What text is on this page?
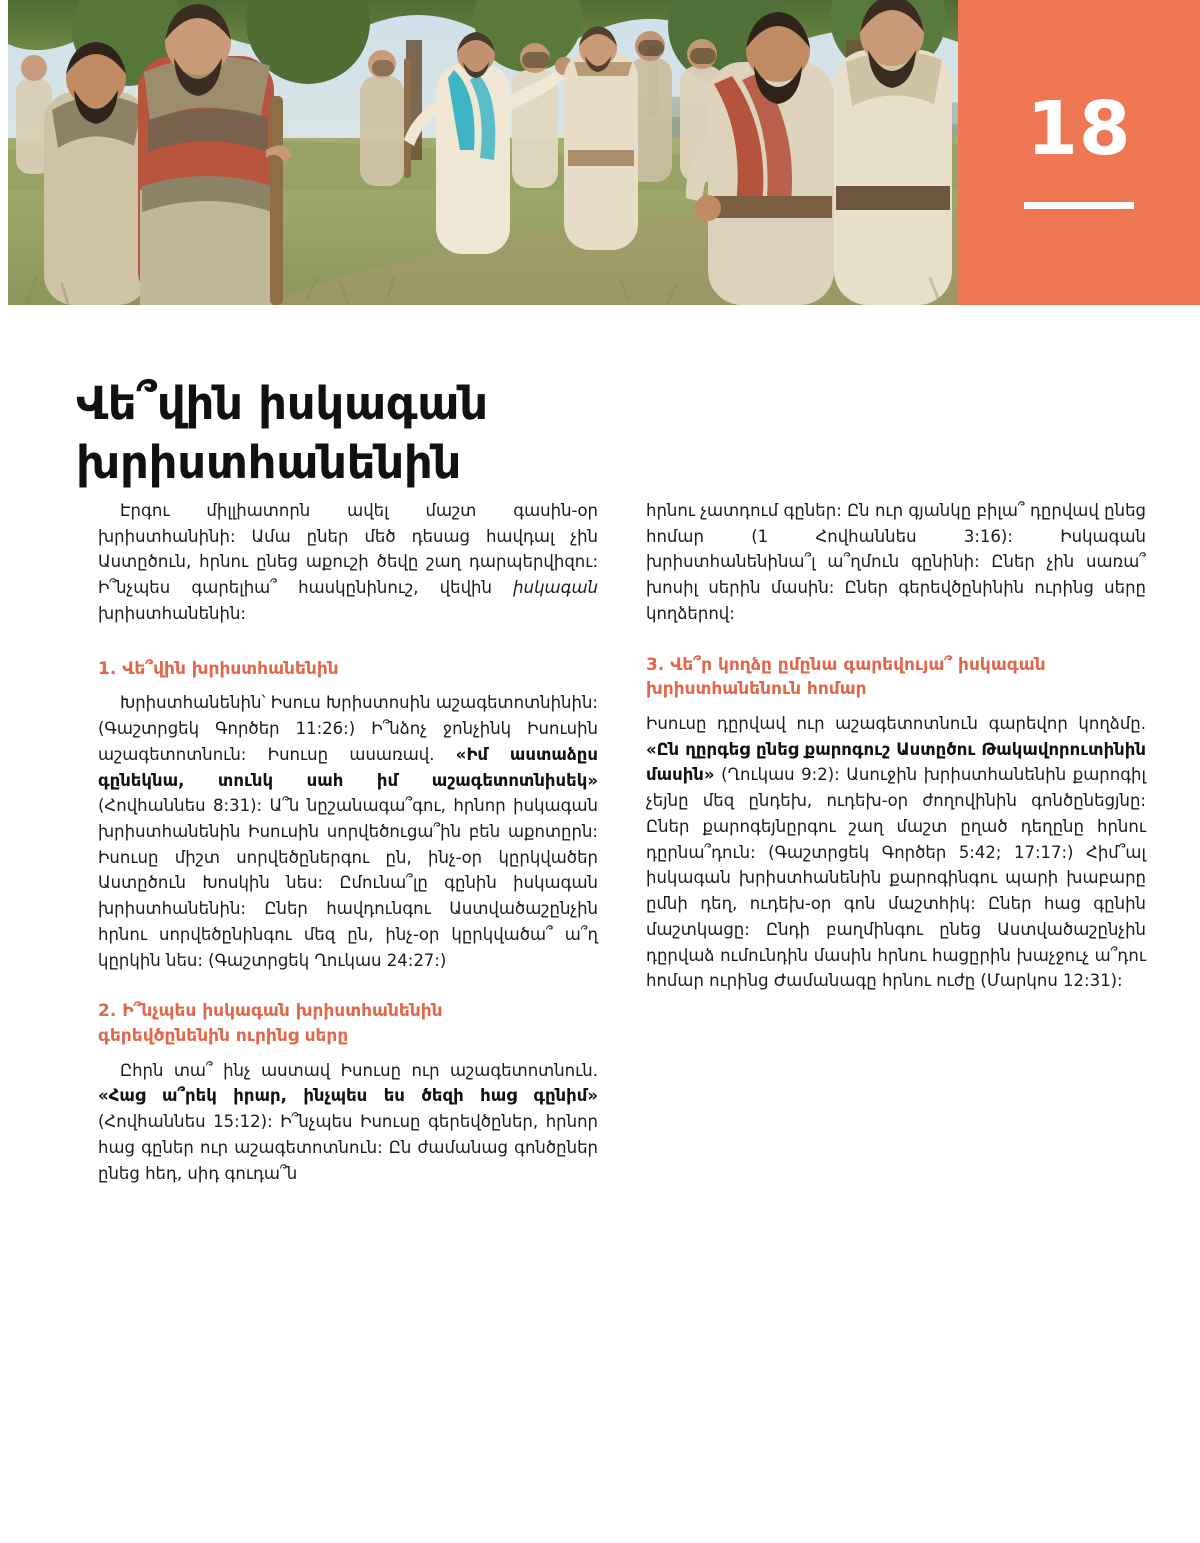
18
Վե՞վին իսկագան
խրիստհանենին

Էրգու միլլիատորն ավել մաշտ գասին-օր խրիստհանինի: Ամա ըներ մեծ դեսաց հավդալ չին Աստըծուն, հրնու ընեց աքուշի ծեվը շաղ դարպերվիզու: Ի՞նչպես գարելիա՞ հասկընինուշ, վեվին իսկագան խրիստհանենին:

1. Վե՞վին խրիստհանենին

Խրիստհանենին՝ Իսուս Խրիստոսին աշագետոտնինին: (Գաշտրցեկ Գործեր 11:26:) Ի՞նձոչ ջոնչինկ Իսուսին աշագետոտնուն: Իսուսը ասառավ. «Իմ աստաձըս գընեկնա, տունկ սահ իմ աշագետոտնիսեկ» (Հովհաննես 8:31): Ա՞ն նըշանագա՞գու, հրնոր իսկագան խրիստհանենին Իսուսին սորվեծուցա՞ին բեն աքոտըրն: Իսուսը միշտ սորվեծըներգու ըն, ինչ-օր կըրկվածեր Աստըծուն Խոսկին նես: Ըմունա՞լը գընին իսկագան խրիստհանենին: Ըներ հավդունգու Աստվածաշընչին հրնու սորվեծընինգու մեզ ըն, ինչ-օր կըրկվածա՞ ա՞ղ կըրկին նես: (Գաշտրցեկ Ղուկաս 24:27:)

2. Ի՞նչպես իսկագան խրիստհանենին
գերեվծընենին ուրինց սերը

Ըհրն տա՞ ինչ աստավ Իսուսը ուր աշագետոտնուն. «Հաց ա՞րեկ իրար, ինչպես ես ծեզի հաց գընիմ» (Հովհաննես 15:12): Ի՞նչպես Իսուսը գերեվծըներ, հրնոր հաց գըներ ուր աշագետոտնուն: Ըն ժամանաց գոնծըներ ընեց հեդ, սիդ գուդա՞ն

հրնու չատդում գըներ: Ըն ուր գյանկը բիլա՞ դըրվավ ընեց հոմար (1 Հովհաննես 3:16): Իսկագան խրիստհանենինա՞լ ա՞ղմուն գընինի: Ըներ չին սառա՞ խոսիլ սերին մասին: Ըներ գերեվծընինին ուրինց սերը կողձերով:

3. Վե՞ր կողձը ըմընա գարեվույա՞ իսկագան
խրիստհանենուն հոմար

Իսուսը դըրվավ ուր աշագետոտնուն գարեվոր կողձմը. «Ըն ղըրգեց ընեց քարոգուշ Աստըծու Թակավորուտինին մասին» (Ղուկաս 9:2): Ասուջին խրիստհանենին քարոգիլ չեյնը մեզ ընդեխ, ուդեխ-օր ժողովինին գոնծընեցյնը: Ըներ քարոգեյնըրգու շաղ մաշտ ըղած դեղընը հրնու դըրնա՞դուն: (Գաշտրցեկ Գործեր 5:42; 17:17:) Հիմ՞ալ իսկագան խրիստհանենին քարոգինգու պարի խաբարը ըմնի դեղ, ուդեխ-օր գոն մաշտհիկ: Ըներ հաց գընին մաշտկացը: Ընդի բաղմինգու ընեց Աստվածաշընչին դըրվաձ ումունդին մասին հրնու հացըրին խաչջուչ ա՞դու հոմար ուրինց Ժամանագը հրնու ուժը (Մարկոս 12:31):
